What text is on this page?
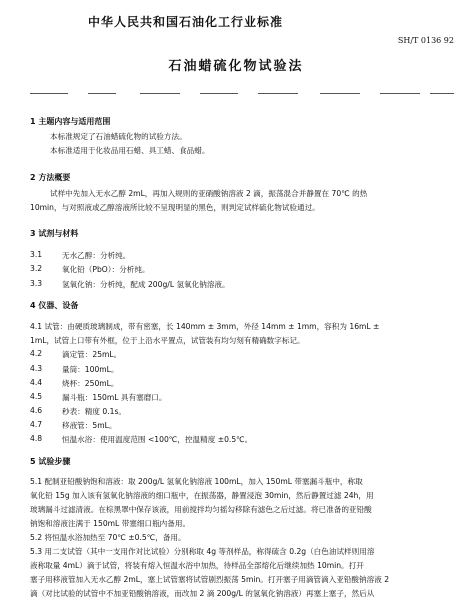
中华人民共和国石油化工行业标准
SH/T 0136 92
石油蜡硫化物试验法
1 主题内容与适用范围
本标准规定了石油蜡硫化物的试验方法。
本标准适用于化妆品用石蜡、具工蜡、食品蜡。
2 方法概要
试样中先加入无水乙醇 2mL，再加入规则的亚硝酸钠溶液 2 滴，振荡混合并静置在 70℃ 的热
10min，与对照液或乙醇溶液所比较不呈现明显的黑色，则判定试样硫化物试验通过。
3 试剂与材料
3.1	无水乙醇：分析纯。
3.2	氧化铅（PbO）：分析纯。
3.3	氢氧化钠：分析纯，配成 200g/L 氢氧化钠溶液。
4 仪器、设备
4.1 试管：由硬质玻璃制成，带有密塞，长 140mm ± 3mm，外径 14mm ± 1mm，容积为 16mL ±
1mL，试管上口带有外框，位于上沿水平置点，试管装有均匀刻有精确数字标记。
4.2	滴定管：25mL。
4.3	量筒：100mL。
4.4	烧杯：250mL。
4.5	漏斗瓶：150mL 具有塞磨口。
4.6	秒表：精度 0.1s。
4.7	移液管：5mL。
4.8	恒温水浴：使用温度范围 <100℃，控温精度 ±0.5℃。
5 试验步骤
5.1 配制亚铅酸钠饱和溶液：取 200g/L 氢氧化钠溶液 100mL，加入 150mL 带塞漏斗瓶中，称取
氧化铅 15g 加入该有氢氧化钠溶液的细口瓶中，在振荡器，静置浸泡 30min，然后静置过滤 24h，用
玻璃漏斗过滤清液。在棕黑罩中保存该液，用前搅拌均匀摇勾移除有滤色之后过滤。将已准备的亚铅酸
钠饱和溶液注满于 150mL 带塞细口瓶内备用。
5.2 将恒温水浴加热至 70℃ ±0.5℃，备用。
5.3 用二支试管（其中一支用作对比试验）分别称取 4g 等剂样品，称得硫含 0.2g（白色油试样则用溶
液称取量 4mL）滴于试管，将装有熔入恒温水浴中加热，待样品全部熔化后继续加热 10min。打开
塞子用移液管加入无水乙醇 2mL，塞上试管塞将试管剧烈振荡 5min。打开塞子用滴管滴入亚铅酸钠溶液 2
滴（对比试验的试管中不加亚铅酸钠溶液，而改加 2 滴 200g/L 的氢氧化钠溶液）再塞上塞子，然后从
